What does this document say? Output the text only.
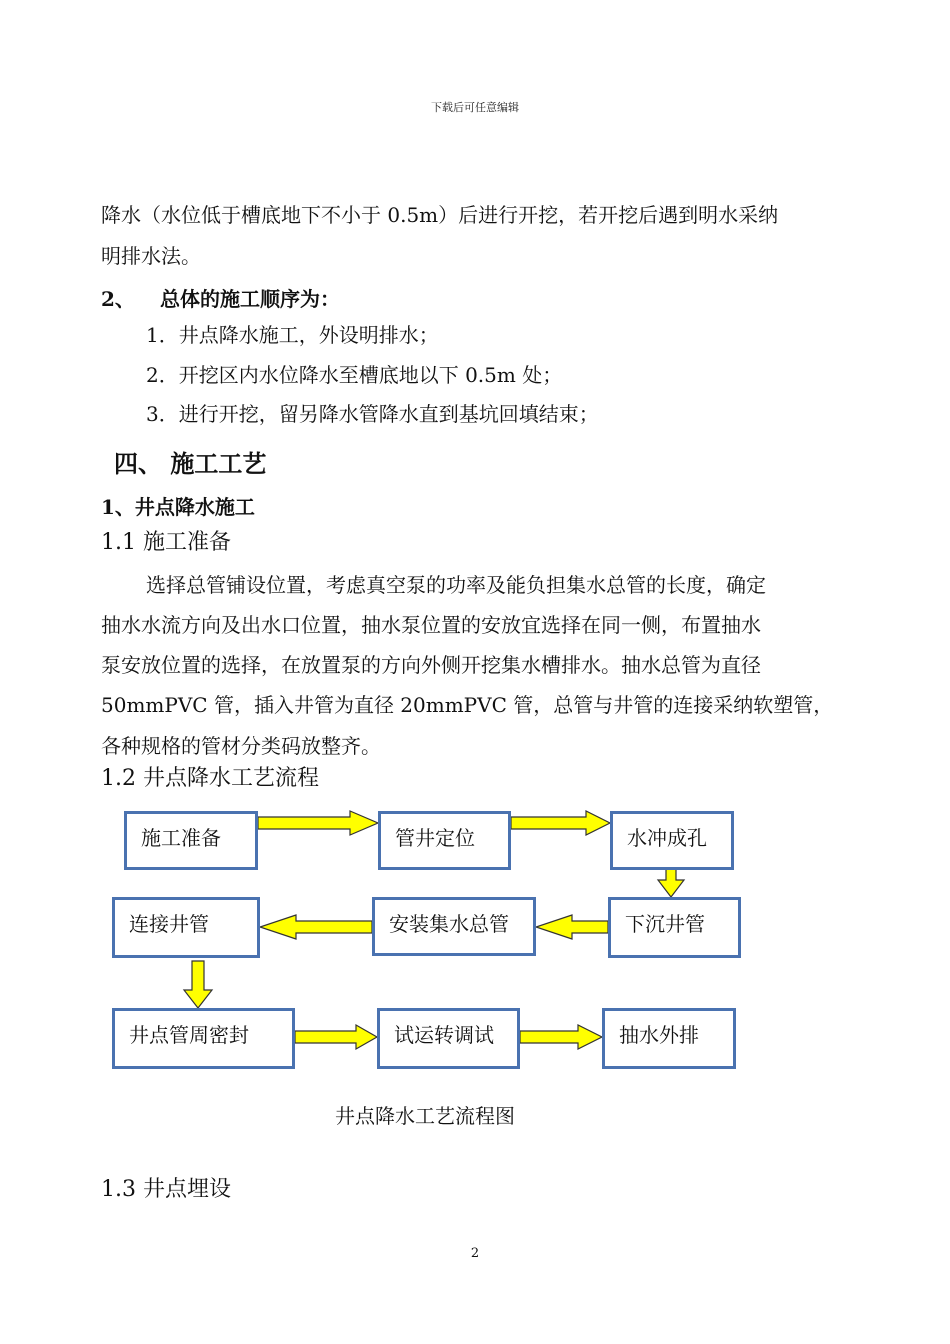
下载后可任意编辑
降水（水位低于槽底地下不小于 0.5m）后进行开挖，若开挖后遇到明水采纳
明排水法。
2、 总体的施工顺序为：
1．井点降水施工，外设明排水；
2．开挖区内水位降水至槽底地以下 0.5m 处；
3．进行开挖，留另降水管降水直到基坑回填结束；
四、 施工工艺
1、井点降水施工
1.1 施工准备
选择总管铺设位置，考虑真空泵的功率及能负担集水总管的长度，确定
抽水水流方向及出水口位置，抽水泵位置的安放宜选择在同一侧，布置抽水
泵安放位置的选择，在放置泵的方向外侧开挖集水槽排水。抽水总管为直径
50mmPVC 管，插入井管为直径 20mmPVC 管，总管与井管的连接采纳软塑管，
各种规格的管材分类码放整齐。
1.2 井点降水工艺流程
施工准备	管井定位	水冲成孔
下沉井管
安装集水总管
连接井管
井点管周密封	试运转调试	抽水外排
井点降水工艺流程图
1.3 井点埋设
2
